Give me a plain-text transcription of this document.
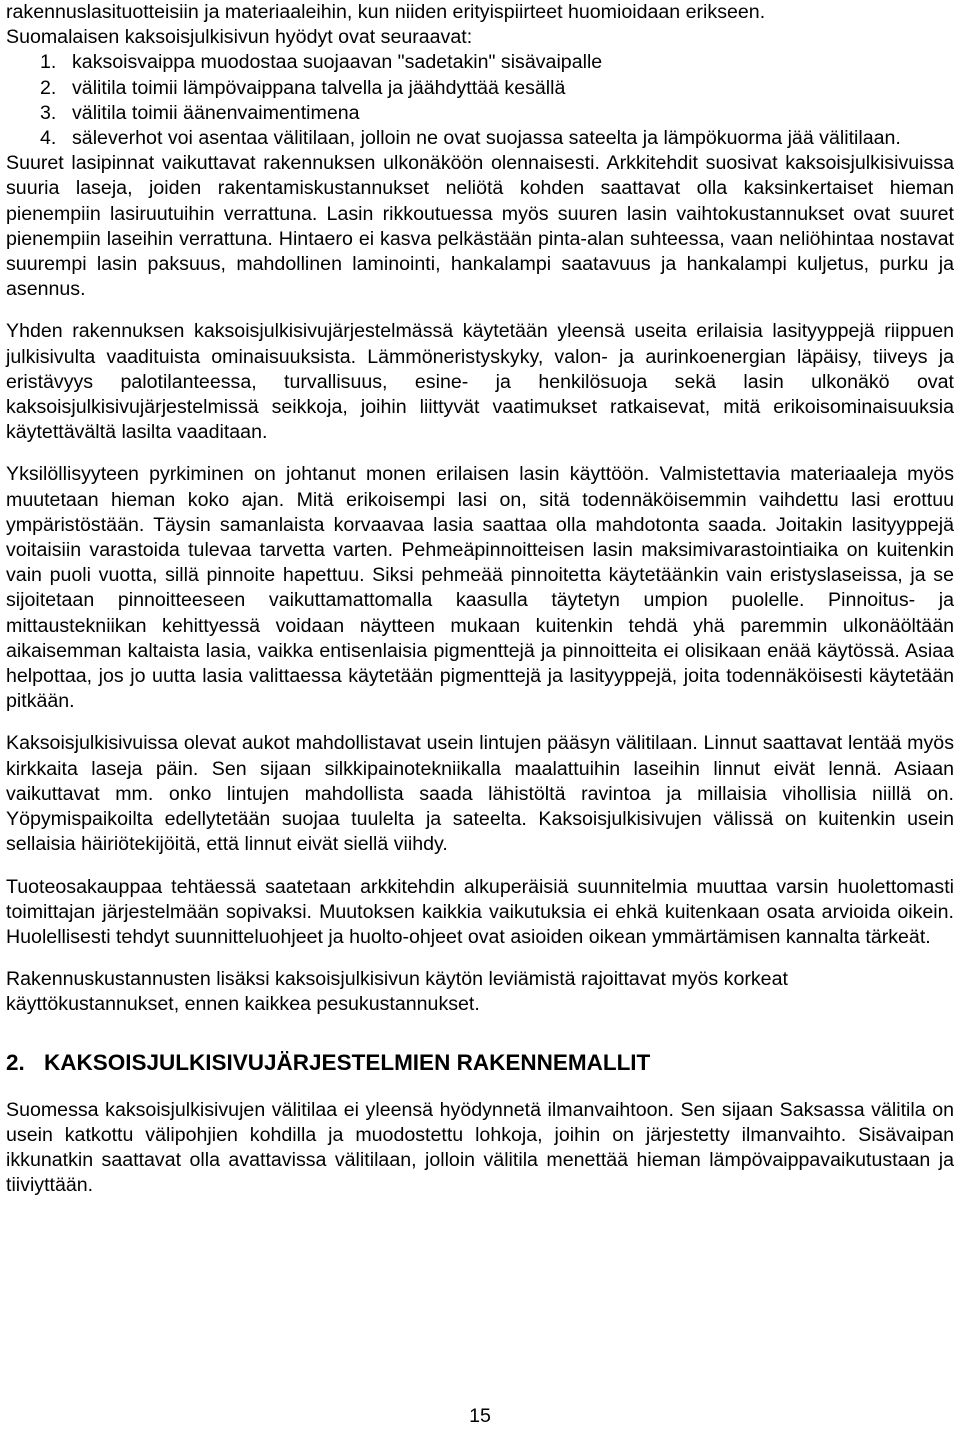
rakennuslasituotteisiin ja materiaaleihin, kun niiden erityispiirteet huomioidaan erikseen.

Suomalaisen kaksoisjulkisivun hyödyt ovat seuraavat:

1. kaksoisvaippa muodostaa suojaavan "sadetakin" sisävaipalle
2. välitila toimii lämpövaippana talvella ja jäähdyttää kesällä
3. välitila toimii äänenvaimentimena
4. säleverhot voi asentaa välitilaan, jolloin ne ovat suojassa sateelta ja lämpökuorma jää välitilaan.

Suuret lasipinnat vaikuttavat rakennuksen ulkonäköön olennaisesti. Arkkitehdit suosivat kaksoisjulkisivuissa suuria laseja, joiden rakentamiskustannukset neliötä kohden saattavat olla kaksinkertaiset hieman pienempiin lasiruutuihin verrattuna. Lasin rikkoutuessa myös suuren lasin vaihtokustannukset ovat suuret pienempiin laseihin verrattuna. Hintaero ei kasva pelkästään pinta-alan suhteessa, vaan neliöhintaa nostavat suurempi lasin paksuus, mahdollinen laminointi, hankalampi saatavuus ja hankalampi kuljetus, purku ja asennus.

Yhden rakennuksen kaksoisjulkisivujärjestelmässä käytetään yleensä useita erilaisia lasityyppejä riippuen julkisivulta vaadituista ominaisuuksista. Lämmöneristyskyky, valon- ja aurinkoenergian läpäisy, tiiveys ja eristävyys palotilanteessa, turvallisuus, esine- ja henkilösuoja sekä lasin ulkonäkö ovat kaksoisjulkisivujärjestelmissä seikkoja, joihin liittyvät vaatimukset ratkaisevat, mitä erikoisominaisuuksia käytettävältä lasilta vaaditaan.

Yksilöllisyyteen pyrkiminen on johtanut monen erilaisen lasin käyttöön. Valmistettavia materiaaleja myös muutetaan hieman koko ajan. Mitä erikoisempi lasi on, sitä todennäköisemmin vaihdettu lasi erottuu ympäristöstään. Täysin samanlaista korvaavaa lasia saattaa olla mahdotonta saada. Joitakin lasityyppejä voitaisiin varastoida tulevaa tarvetta varten. Pehmeäpinnoitteisen lasin maksimivarastointiaika on kuitenkin vain puoli vuotta, sillä pinnoite hapettuu. Siksi pehmeää pinnoitetta käytetäänkin vain eristyslaseissa, ja se sijoitetaan pinnoitteeseen vaikuttamattomalla kaasulla täytetyn umpion puolelle. Pinnoitus- ja mittaustekniikan kehittyessä voidaan näytteen mukaan kuitenkin tehdä yhä paremmin ulkonäöltään aikaisemman kaltaista lasia, vaikka entisenlaisia pigmenttejä ja pinnoitteita ei olisikaan enää käytössä. Asiaa helpottaa, jos jo uutta lasia valittaessa käytetään pigmenttejä ja lasityyppejä, joita todennäköisesti käytetään pitkään.

Kaksoisjulkisivuissa olevat aukot mahdollistavat usein lintujen pääsyn välitilaan. Linnut saattavat lentää myös kirkkaita laseja päin. Sen sijaan silkkipainotekniikalla maalattuihin laseihin linnut eivät lennä. Asiaan vaikuttavat mm. onko lintujen mahdollista saada lähistöltä ravintoa ja millaisia vihollisia niillä on. Yöpymispaikoilta edellytetään suojaa tuulelta ja sateelta. Kaksoisjulkisivujen välissä on kuitenkin usein sellaisia häiriötekijöitä, että linnut eivät siellä viihdy.

Tuoteosakauppaa tehtäessä saatetaan arkkitehdin alkuperäisiä suunnitelmia muuttaa varsin huolettomasti toimittajan järjestelmään sopivaksi. Muutoksen kaikkia vaikutuksia ei ehkä kuitenkaan osata arvioida oikein. Huolellisesti tehdyt suunnitteluohjeet ja huolto-ohjeet ovat asioiden oikean ymmärtämisen kannalta tärkeät.

Rakennuskustannusten lisäksi kaksoisjulkisivun käytön leviämistä rajoittavat myös korkeat käyttökustannukset, ennen kaikkea pesukustannukset.

2. KAKSOISJULKISIVUJÄRJESTELMIEN RAKENNEMALLIT

Suomessa kaksoisjulkisivujen välitilaa ei yleensä hyödynnetä ilmanvaihtoon. Sen sijaan Saksassa välitila on usein katkottu välipohjien kohdilla ja muodostettu lohkoja, joihin on järjestetty ilmanvaihto. Sisävaipan ikkunatkin saattavat olla avattavissa välitilaan, jolloin välitila menettää hieman lämpövaippavaikutustaan ja tiiviyttään.

15
